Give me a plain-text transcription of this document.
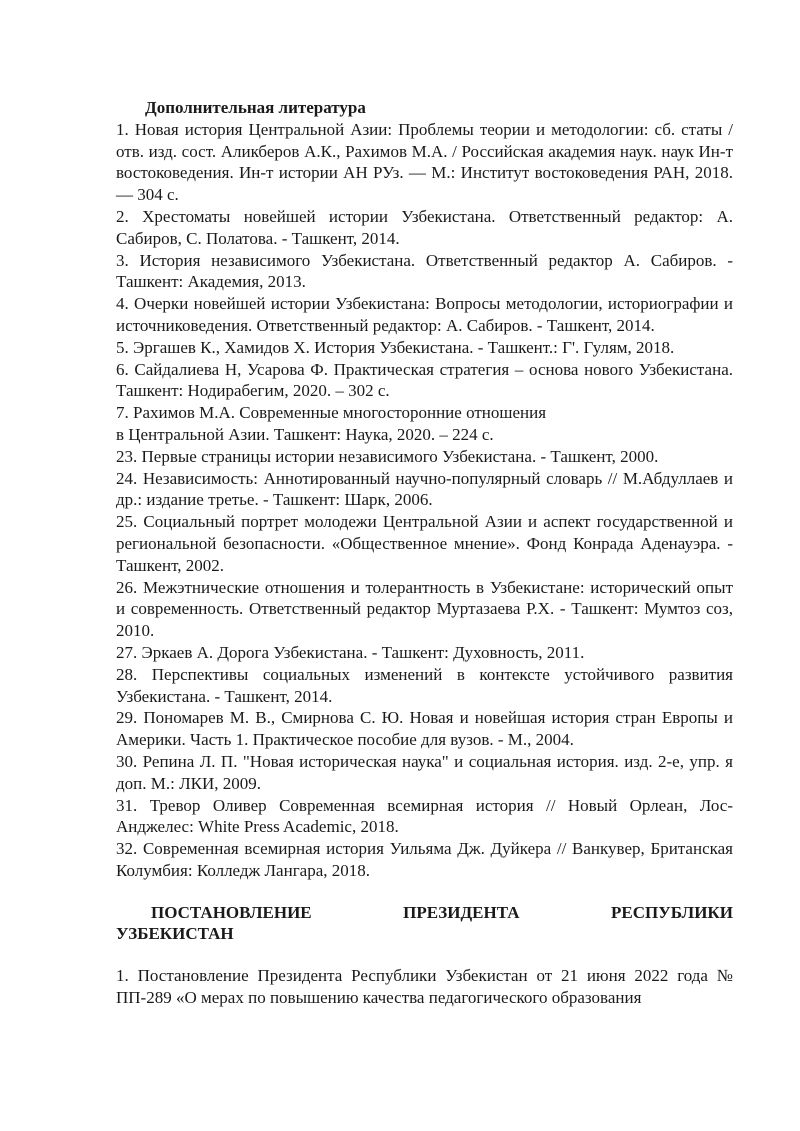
Дополнительная литература

1. Новая история Центральной Азии: Проблемы теории и методологии: сб. статы / отв. изд. сост. Аликберов А.К., Рахимов М.А. / Российская академия наук. наук Ин-т востоковедения. Ин-т истории АН РУз. — М.: Институт востоковедения РАН, 2018. — 304 с.

2. Хрестоматы новейшей истории Узбекистана. Ответственный редактор: А. Сабиров, С. Полатова. - Ташкент, 2014.

3. История независимого Узбекистана. Ответственный редактор А. Сабиров. - Ташкент: Академия, 2013.

4. Очерки новейшей истории Узбекистана: Вопросы методологии, историографии и источниковедения. Ответственный редактор: А. Сабиров. - Ташкент, 2014.

5. Эргашев К., Хамидов Х. История Узбекистана. - Ташкент.: Г'. Гулям, 2018.

6. Сайдалиева Н, Усарова Ф. Практическая стратегия – основа нового Узбекистана. Ташкент: Нодирабегим, 2020. – 302 с.

7. Рахимов М.А. Современные многосторонние отношения
в Центральной Азии. Ташкент: Наука, 2020. – 224 с.

23. Первые страницы истории независимого Узбекистана. - Ташкент, 2000.

24. Независимость: Аннотированный научно-популярный словарь // М.Абдуллаев и др.: издание третье. - Ташкент: Шарк, 2006.

25. Социальный портрет молодежи Центральной Азии и аспект государственной и региональной безопасности. «Общественное мнение». Фонд Конрада Аденауэра. - Ташкент, 2002.

26. Межэтнические отношения и толерантность в Узбекистане: исторический опыт и современность. Ответственный редактор Муртазаева Р.Х. - Ташкент: Мумтоз соз, 2010.

27. Эркаев А. Дорога Узбекистана. - Ташкент: Духовность, 2011.

28. Перспективы социальных изменений в контексте устойчивого развития Узбекистана. - Ташкент, 2014.

29. Пономарев М. В., Смирнова С. Ю. Новая и новейшая история стран Европы и Америки. Часть 1. Практическое пособие для вузов. - М., 2004.

30. Репина Л. П. "Новая историческая наука" и социальная история. изд. 2-е, упр. я доп. М.: ЛКИ, 2009.

31. Тревор Оливер Современная всемирная история // Новый Орлеан, Лос-Анджелес: White Press Academic, 2018.

32. Современная всемирная история Уильяма Дж. Дуйкера // Ванкувер, Британская Колумбия: Колледж Лангара, 2018.

ПОСТАНОВЛЕНИЕ	ПРЕЗИДЕНТА	РЕСПУБЛИКИ
УЗБЕКИСТАН

1. Постановление Президента Республики Узбекистан от 21 июня 2022 года № ПП-289 «О мерах по повышению качества педагогического образования
